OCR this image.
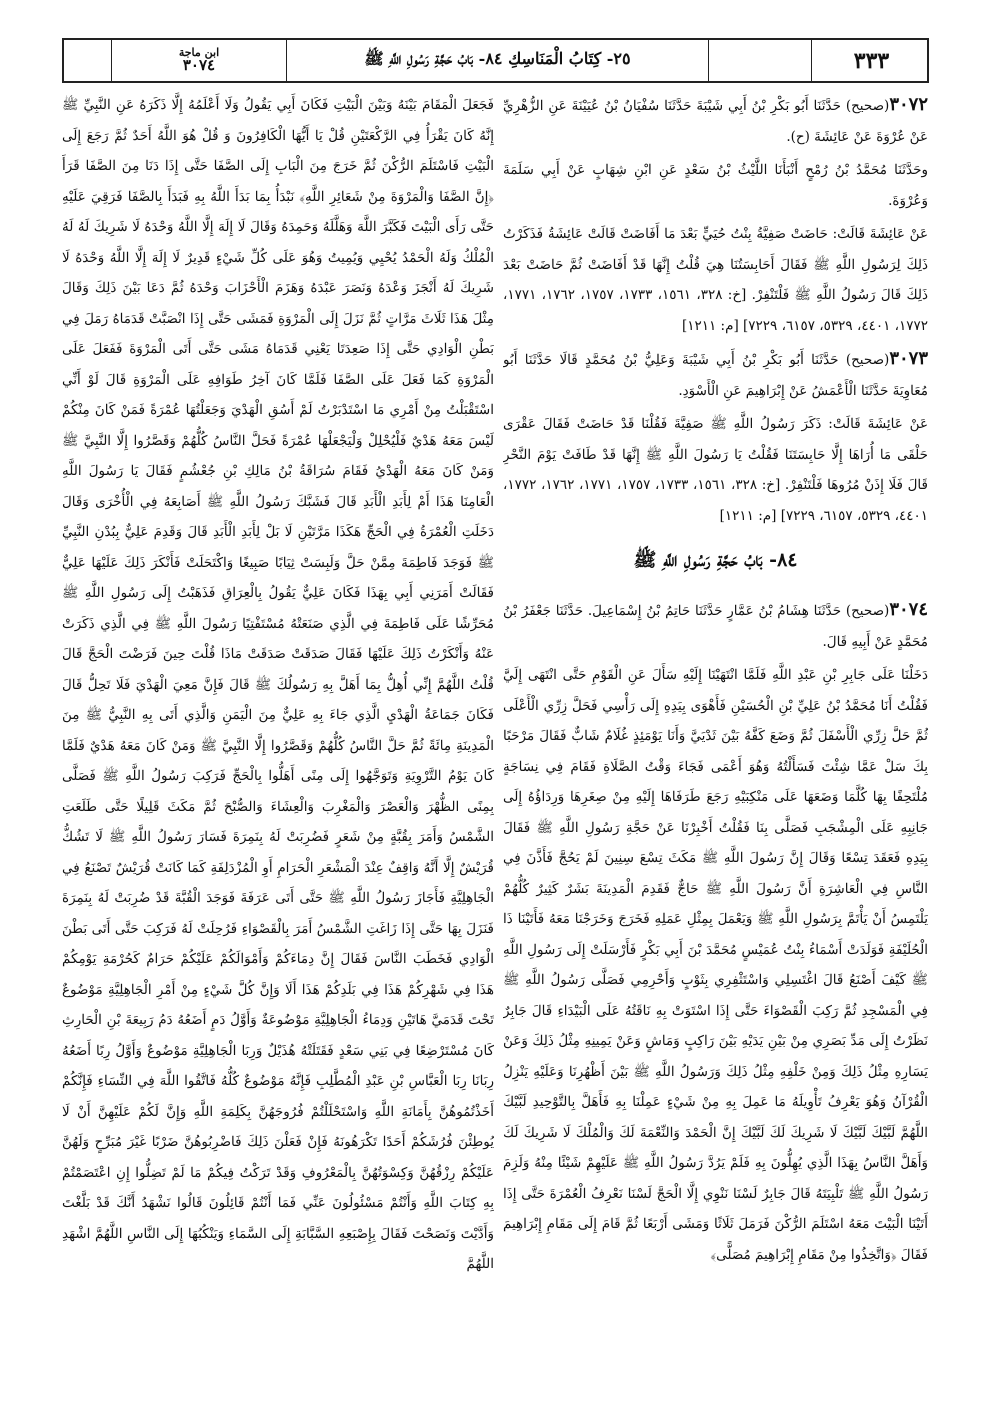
ابن ماجة
٣٠٧٤	٢٥- كِتَابُ الْمَنَاسِكِ ٨٤- بَابُ حَجَّةِ رَسُولِ اللَّهِ ﷺ	٣٣٣

٣٠٧٢(صحيح) حَدَّثَنَا أَبُو بَكْرِ بْنُ أَبِي شَيْبَةَ حَدَّثَنَا سُفْيَانُ بْنُ عُيَيْنَةَ عَنِ الزُّهْرِيِّ عَنْ عُرْوَةَ عَنْ عَائِشَةَ (ح).

وحَدَّثَنَا مُحَمَّدُ بْنُ رُمْحٍ أَنْبَأَنَا اللَّيْثُ بْنُ سَعْدٍ عَنِ ابْنِ شِهَابٍ عَنْ أَبِي سَلَمَةَ وَعُرْوَةَ.

عَنْ عَائِشَةَ قَالَتْ: حَاضَتْ صَفِيَّةُ بِنْتُ حُيَيٍّ بَعْدَ مَا أَفَاضَتْ قَالَتْ عَائِشَةُ فَذَكَرْتُ ذَلِكَ لِرَسُولِ اللَّهِ ﷺ فَقَالَ أَحَابِسَتُنَا هِيَ قُلْتُ إِنَّهَا قَدْ أَفَاضَتْ ثُمَّ حَاضَتْ بَعْدَ ذَلِكَ قَالَ رَسُولُ اللَّهِ ﷺ فَلْتَنْفِرْ. [خ: ٣٢٨، ١٥٦١، ١٧٣٣، ١٧٥٧، ١٧٦٢، ١٧٧١، ١٧٧٢، ٤٤٠١، ٥٣٢٩، ٦١٥٧، ٧٢٢٩] [م: ١٢١١]

٣٠٧٣(صحيح) حَدَّثَنَا أَبُو بَكْرِ بْنُ أَبِي شَيْبَةَ وَعَلِيُّ بْنُ مُحَمَّدٍ قَالَا حَدَّثَنَا أَبُو مُعَاوِيَةَ حَدَّثَنَا الْأَعْمَشُ عَنْ إِبْرَاهِيمَ عَنِ الْأَسْوَدِ.

عَنْ عَائِشَةَ قَالَتْ: ذَكَرَ رَسُولُ اللَّهِ ﷺ صَفِيَّةَ فَقُلْنَا قَدْ حَاضَتْ فَقَالَ عَقْرَى حَلْقَى مَا أُرَاهَا إِلَّا حَابِسَتَنَا فَقُلْتُ يَا رَسُولَ اللَّهِ ﷺ إِنَّهَا قَدْ طَافَتْ يَوْمَ النَّحْرِ قَالَ فَلَا إِذَنْ مُرُوهَا فَلْتَنْفِرْ. [خ: ٣٢٨، ١٥٦١، ١٧٣٣، ١٧٥٧، ١٧٧١، ١٧٦٢، ١٧٧٢، ٤٤٠١، ٥٣٢٩، ٦١٥٧، ٧٢٢٩] [م: ١٢١١]

٨٤- بَابُ حَجَّةِ رَسُولِ اللَّهِ ﷺ

٣٠٧٤(صحيح) حَدَّثَنَا هِشَامُ بْنُ عَمَّارٍ حَدَّثَنَا حَاتِمُ بْنُ إِسْمَاعِيلَ. حَدَّثَنَا جَعْفَرُ بْنُ مُحَمَّدٍ عَنْ أَبِيهِ قَالَ.

دَخَلْنَا عَلَى جَابِرِ بْنِ عَبْدِ اللَّهِ فَلَمَّا انْتَهَيْنَا إِلَيْهِ سَأَلَ عَنِ الْقَوْمِ حَتَّى انْتَهَى إِلَيَّ فَقُلْتُ أَنَا مُحَمَّدُ بْنُ عَلِيِّ بْنِ الْحُسَيْنِ فَأَهْوَى بِيَدِهِ إِلَى رَأْسِي فَحَلَّ زِرِّي الْأَعْلَى ثُمَّ حَلَّ زِرِّي الْأَسْفَلَ ثُمَّ وَضَعَ كَفَّهُ بَيْنَ ثَدْيَيَّ وَأَنَا يَوْمَئِذٍ غُلَامٌ شَابٌّ فَقَالَ مَرْحَبًا بِكَ سَلْ عَمَّا شِئْتَ فَسَأَلْتُهُ وَهُوَ أَعْمَى فَجَاءَ وَقْتُ الصَّلَاةِ فَقَامَ فِي نِسَاجَةٍ مُلْتَحِفًا بِهَا كُلَّمَا وَضَعَهَا عَلَى مَنْكِبَيْهِ رَجَعَ طَرَفَاهَا إِلَيْهِ مِنْ صِغَرِهَا وَرِدَاؤُهُ إِلَى جَانِبِهِ عَلَى الْمِشْجَبِ فَصَلَّى بِنَا فَقُلْتُ أَخْبِرْنَا عَنْ حَجَّةِ رَسُولِ اللَّهِ ﷺ فَقَالَ بِيَدِهِ فَعَقَدَ تِسْعًا وَقَالَ إِنَّ رَسُولَ اللَّهِ ﷺ مَكَثَ تِسْعَ سِنِينَ لَمْ يَحُجَّ فَأَذَّنَ فِي النَّاسِ فِي الْعَاشِرَةِ أَنَّ رَسُولَ اللَّهِ ﷺ حَاجٌّ فَقَدِمَ الْمَدِينَةَ بَشَرٌ كَثِيرٌ كُلُّهُمْ يَلْتَمِسُ أَنْ يَأْتَمَّ بِرَسُولِ اللَّهِ ﷺ وَيَعْمَلَ بِمِثْلِ عَمَلِهِ فَخَرَجَ وَخَرَجْنَا مَعَهُ فَأَتَيْنَا ذَا الْحُلَيْفَةِ فَوَلَدَتْ أَسْمَاءُ بِنْتُ عُمَيْسٍ مُحَمَّدَ بْنَ أَبِي بَكْرٍ فَأَرْسَلَتْ إِلَى رَسُولِ اللَّهِ ﷺ كَيْفَ أَصْنَعُ قَالَ اغْتَسِلِي وَاسْتَثْفِرِي بِثَوْبٍ وَأَحْرِمِي فَصَلَّى رَسُولُ اللَّهِ ﷺ فِي الْمَسْجِدِ ثُمَّ رَكِبَ الْقَصْوَاءَ حَتَّى إِذَا اسْتَوَتْ بِهِ نَاقَتُهُ عَلَى الْبَيْدَاءِ قَالَ جَابِرٌ نَظَرْتُ إِلَى مَدِّ بَصَرِي مِنْ بَيْنِ يَدَيْهِ بَيْنَ رَاكِبٍ وَمَاشٍ وَعَنْ يَمِينِهِ مِثْلُ ذَلِكَ وَعَنْ يَسَارِهِ مِثْلُ ذَلِكَ وَمِنْ خَلْفِهِ مِثْلُ ذَلِكَ وَرَسُولُ اللَّهِ ﷺ بَيْنَ أَظْهُرِنَا وَعَلَيْهِ يَنْزِلُ الْقُرْآنُ وَهُوَ يَعْرِفُ تَأْوِيلَهُ مَا عَمِلَ بِهِ مِنْ شَيْءٍ عَمِلْنَا بِهِ فَأَهَلَّ بِالتَّوْحِيدِ لَبَّيْكَ اللَّهُمَّ لَبَّيْكَ لَبَّيْكَ لَا شَرِيكَ لَكَ لَبَّيْكَ إِنَّ الْحَمْدَ وَالنِّعْمَةَ لَكَ وَالْمُلْكَ لَا شَرِيكَ لَكَ وَأَهَلَّ النَّاسُ بِهَذَا الَّذِي يُهِلُّونَ بِهِ فَلَمْ يَرُدَّ رَسُولُ اللَّهِ ﷺ عَلَيْهِمْ شَيْئًا مِنْهُ وَلَزِمَ رَسُولُ اللَّهِ ﷺ تَلْبِيَتَهُ قَالَ جَابِرٌ لَسْنَا نَنْوِي إِلَّا الْحَجَّ لَسْنَا نَعْرِفُ الْعُمْرَةَ حَتَّى إِذَا أَتَيْنَا الْبَيْتَ مَعَهُ اسْتَلَمَ الرُّكْنَ فَرَمَلَ ثَلَاثًا وَمَشَى أَرْبَعًا ثُمَّ قَامَ إِلَى مَقَامِ إِبْرَاهِيمَ فَقَالَ ﴿وَاتَّخِذُوا مِنْ مَقَامِ إِبْرَاهِيمَ مُصَلًّى﴾

فَجَعَلَ الْمَقَامَ بَيْنَهُ وَبَيْنَ الْبَيْتِ فَكَانَ أَبِي يَقُولُ وَلَا أَعْلَمُهُ إِلَّا ذَكَرَهُ عَنِ النَّبِيِّ ﷺ إِنَّهُ كَانَ يَقْرَأُ فِي الرَّكْعَتَيْنِ قُلْ يَا أَيُّهَا الْكَافِرُونَ وَ قُلْ هُوَ اللَّهُ أَحَدٌ ثُمَّ رَجَعَ إِلَى الْبَيْتِ فَاسْتَلَمَ الرُّكْنَ ثُمَّ خَرَجَ مِنَ الْبَابِ إِلَى الصَّفَا حَتَّى إِذَا دَنَا مِنَ الصَّفَا قَرَأَ ﴿إِنَّ الصَّفَا وَالْمَرْوَةَ مِنْ شَعَائِرِ اللَّهِ﴾ نَبْدَأُ بِمَا بَدَأَ اللَّهُ بِهِ فَبَدَأَ بِالصَّفَا فَرَقِيَ عَلَيْهِ حَتَّى رَأَى الْبَيْتَ فَكَبَّرَ اللَّهَ وَهَلَّلَهُ وَحَمِدَهُ وَقَالَ لَا إِلَهَ إِلَّا اللَّهُ وَحْدَهُ لَا شَرِيكَ لَهُ لَهُ الْمُلْكُ وَلَهُ الْحَمْدُ يُحْيِي وَيُمِيتُ وَهُوَ عَلَى كُلِّ شَيْءٍ قَدِيرٌ لَا إِلَهَ إِلَّا اللَّهُ وَحْدَهُ لَا شَرِيكَ لَهُ أَنْجَزَ وَعْدَهُ وَنَصَرَ عَبْدَهُ وَهَزَمَ الْأَحْزَابَ وَحْدَهُ ثُمَّ دَعَا بَيْنَ ذَلِكَ وَقَالَ مِثْلَ هَذَا ثَلَاثَ مَرَّاتٍ ثُمَّ نَزَلَ إِلَى الْمَرْوَةِ فَمَشَى حَتَّى إِذَا انْصَبَّتْ قَدَمَاهُ رَمَلَ فِي بَطْنِ الْوَادِي حَتَّى إِذَا صَعِدَتَا يَعْنِي قَدَمَاهُ مَشَى حَتَّى أَتَى الْمَرْوَةَ فَفَعَلَ عَلَى الْمَرْوَةِ كَمَا فَعَلَ عَلَى الصَّفَا فَلَمَّا كَانَ آخِرُ طَوَافِهِ عَلَى الْمَرْوَةِ قَالَ لَوْ أَنِّي اسْتَقْبَلْتُ مِنْ أَمْرِي مَا اسْتَدْبَرْتُ لَمْ أَسُقِ الْهَدْيَ وَجَعَلْتُهَا عُمْرَةً فَمَنْ كَانَ مِنْكُمْ لَيْسَ مَعَهُ هَدْيٌ فَلْيُحْلِلْ وَلْيَجْعَلْهَا عُمْرَةً فَحَلَّ النَّاسُ كُلُّهُمْ وَقَصَّرُوا إِلَّا النَّبِيَّ ﷺ وَمَنْ كَانَ مَعَهُ الْهَدْيُ فَقَامَ سُرَاقَةُ بْنُ مَالِكِ بْنِ جُعْشُمٍ فَقَالَ يَا رَسُولَ اللَّهِ الْعَامِنَا هَذَا أَمْ لِأَبَدِ الْأَبَدِ قَالَ فَشَبَّكَ رَسُولُ اللَّهِ ﷺ أَصَابِعَهُ فِي الْأُخْرَى وَقَالَ دَخَلَتِ الْعُمْرَةُ فِي الْحَجِّ هَكَذَا مَرَّتَيْنِ لَا بَلْ لِأَبَدِ الْأَبَدِ قَالَ وَقَدِمَ عَلِيٌّ بِبُدْنِ النَّبِيِّ ﷺ فَوَجَدَ فَاطِمَةَ مِمَّنْ حَلَّ وَلَبِسَتْ ثِيَابًا صَبِيغًا وَاكْتَحَلَتْ فَأَنْكَرَ ذَلِكَ عَلَيْهَا عَلِيٌّ فَقَالَتْ أَمَرَنِي أَبِي بِهَذَا فَكَانَ عَلِيٌّ يَقُولُ بِالْعِرَاقِ فَذَهَبْتُ إِلَى رَسُولِ اللَّهِ ﷺ مُحَرِّشًا عَلَى فَاطِمَةَ فِي الَّذِي صَنَعَتْهُ مُسْتَفْتِيًا رَسُولَ اللَّهِ ﷺ فِي الَّذِي ذَكَرَتْ عَنْهُ وَأَنْكَرْتُ ذَلِكَ عَلَيْهَا فَقَالَ صَدَقَتْ صَدَقَتْ مَاذَا قُلْتَ حِينَ فَرَضْتَ الْحَجَّ قَالَ قُلْتُ اللَّهُمَّ إِنِّي أُهِلُّ بِمَا أَهَلَّ بِهِ رَسُولُكَ ﷺ قَالَ فَإِنَّ مَعِيَ الْهَدْيَ فَلَا تَحِلُّ قَالَ فَكَانَ جَمَاعَةُ الْهَدْيِ الَّذِي جَاءَ بِهِ عَلِيٌّ مِنَ الْيَمَنِ وَالَّذِي أَتَى بِهِ النَّبِيُّ ﷺ مِنَ الْمَدِينَةِ مِائَةً ثُمَّ حَلَّ النَّاسُ كُلُّهُمْ وَقَصَّرُوا إِلَّا النَّبِيَّ ﷺ وَمَنْ كَانَ مَعَهُ هَدْيٌ فَلَمَّا كَانَ يَوْمُ التَّرْوِيَةِ وَتَوَجَّهُوا إِلَى مِنًى أَهَلُّوا بِالْحَجِّ فَرَكِبَ رَسُولُ اللَّهِ ﷺ فَصَلَّى بِمِنًى الظُّهْرَ وَالْعَصْرَ وَالْمَغْرِبَ وَالْعِشَاءَ وَالصُّبْحَ ثُمَّ مَكَثَ قَلِيلًا حَتَّى طَلَعَتِ الشَّمْسُ وَأَمَرَ بِقُبَّةٍ مِنْ شَعَرٍ فَضُرِبَتْ لَهُ بِنَمِرَةَ فَسَارَ رَسُولُ اللَّهِ ﷺ لَا تَشُكُّ قُرَيْشٌ إِلَّا أَنَّهُ وَاقِفٌ عِنْدَ الْمَشْعَرِ الْحَرَامِ أَوِ الْمُزْدَلِفَةِ كَمَا كَانَتْ قُرَيْشٌ تَصْنَعُ فِي الْجَاهِلِيَّةِ فَأَجَازَ رَسُولُ اللَّهِ ﷺ حَتَّى أَتَى عَرَفَةَ فَوَجَدَ الْقُبَّةَ قَدْ ضُرِبَتْ لَهُ بِنَمِرَةَ فَنَزَلَ بِهَا حَتَّى إِذَا زَاغَتِ الشَّمْسُ أَمَرَ بِالْقَصْوَاءِ فَرُحِلَتْ لَهُ فَرَكِبَ حَتَّى أَتَى بَطْنَ الْوَادِي فَخَطَبَ النَّاسَ فَقَالَ إِنَّ دِمَاءَكُمْ وَأَمْوَالَكُمْ عَلَيْكُمْ حَرَامٌ كَحُرْمَةِ يَوْمِكُمْ هَذَا فِي شَهْرِكُمْ هَذَا فِي بَلَدِكُمْ هَذَا أَلَا وَإِنَّ كُلَّ شَيْءٍ مِنْ أَمْرِ الْجَاهِلِيَّةِ مَوْضُوعٌ تَحْتَ قَدَمَيَّ هَاتَيْنِ وَدِمَاءُ الْجَاهِلِيَّةِ مَوْضُوعَةٌ وَأَوَّلُ دَمٍ أَضَعُهُ دَمُ رَبِيعَةَ بْنِ الْحَارِثِ كَانَ مُسْتَرْضِعًا فِي بَنِي سَعْدٍ فَقَتَلَتْهُ هُذَيْلٌ وَرِبَا الْجَاهِلِيَّةِ مَوْضُوعٌ وَأَوَّلُ رِبًا أَضَعُهُ رِبَانَا رِبَا الْعَبَّاسِ بْنِ عَبْدِ الْمُطَّلِبِ فَإِنَّهُ مَوْضُوعٌ كُلُّهُ فَاتَّقُوا اللَّهَ فِي النِّسَاءِ فَإِنَّكُمْ أَخَذْتُمُوهُنَّ بِأَمَانَةِ اللَّهِ وَاسْتَحْلَلْتُمْ فُرُوجَهُنَّ بِكَلِمَةِ اللَّهِ وَإِنَّ لَكُمْ عَلَيْهِنَّ أَنْ لَا يُوطِئْنَ فُرُشَكُمْ أَحَدًا تَكْرَهُونَهُ فَإِنْ فَعَلْنَ ذَلِكَ فَاضْرِبُوهُنَّ ضَرْبًا غَيْرَ مُبَرِّحٍ وَلَهُنَّ عَلَيْكُمْ رِزْقُهُنَّ وَكِسْوَتُهُنَّ بِالْمَعْرُوفِ وَقَدْ تَرَكْتُ فِيكُمْ مَا لَمْ تَضِلُّوا إِنِ اعْتَصَمْتُمْ بِهِ كِتَابَ اللَّهِ وَأَنْتُمْ مَسْئُولُونَ عَنِّي فَمَا أَنْتُمْ قَائِلُونَ قَالُوا نَشْهَدُ أَنَّكَ قَدْ بَلَّغْتَ وَأَدَّيْتَ وَنَصَحْتَ فَقَالَ بِإِصْبَعِهِ السَّبَّابَةِ إِلَى السَّمَاءِ وَيَنْكُبُهَا إِلَى النَّاسِ اللَّهُمَّ اشْهَدِ اللَّهُمَّ
